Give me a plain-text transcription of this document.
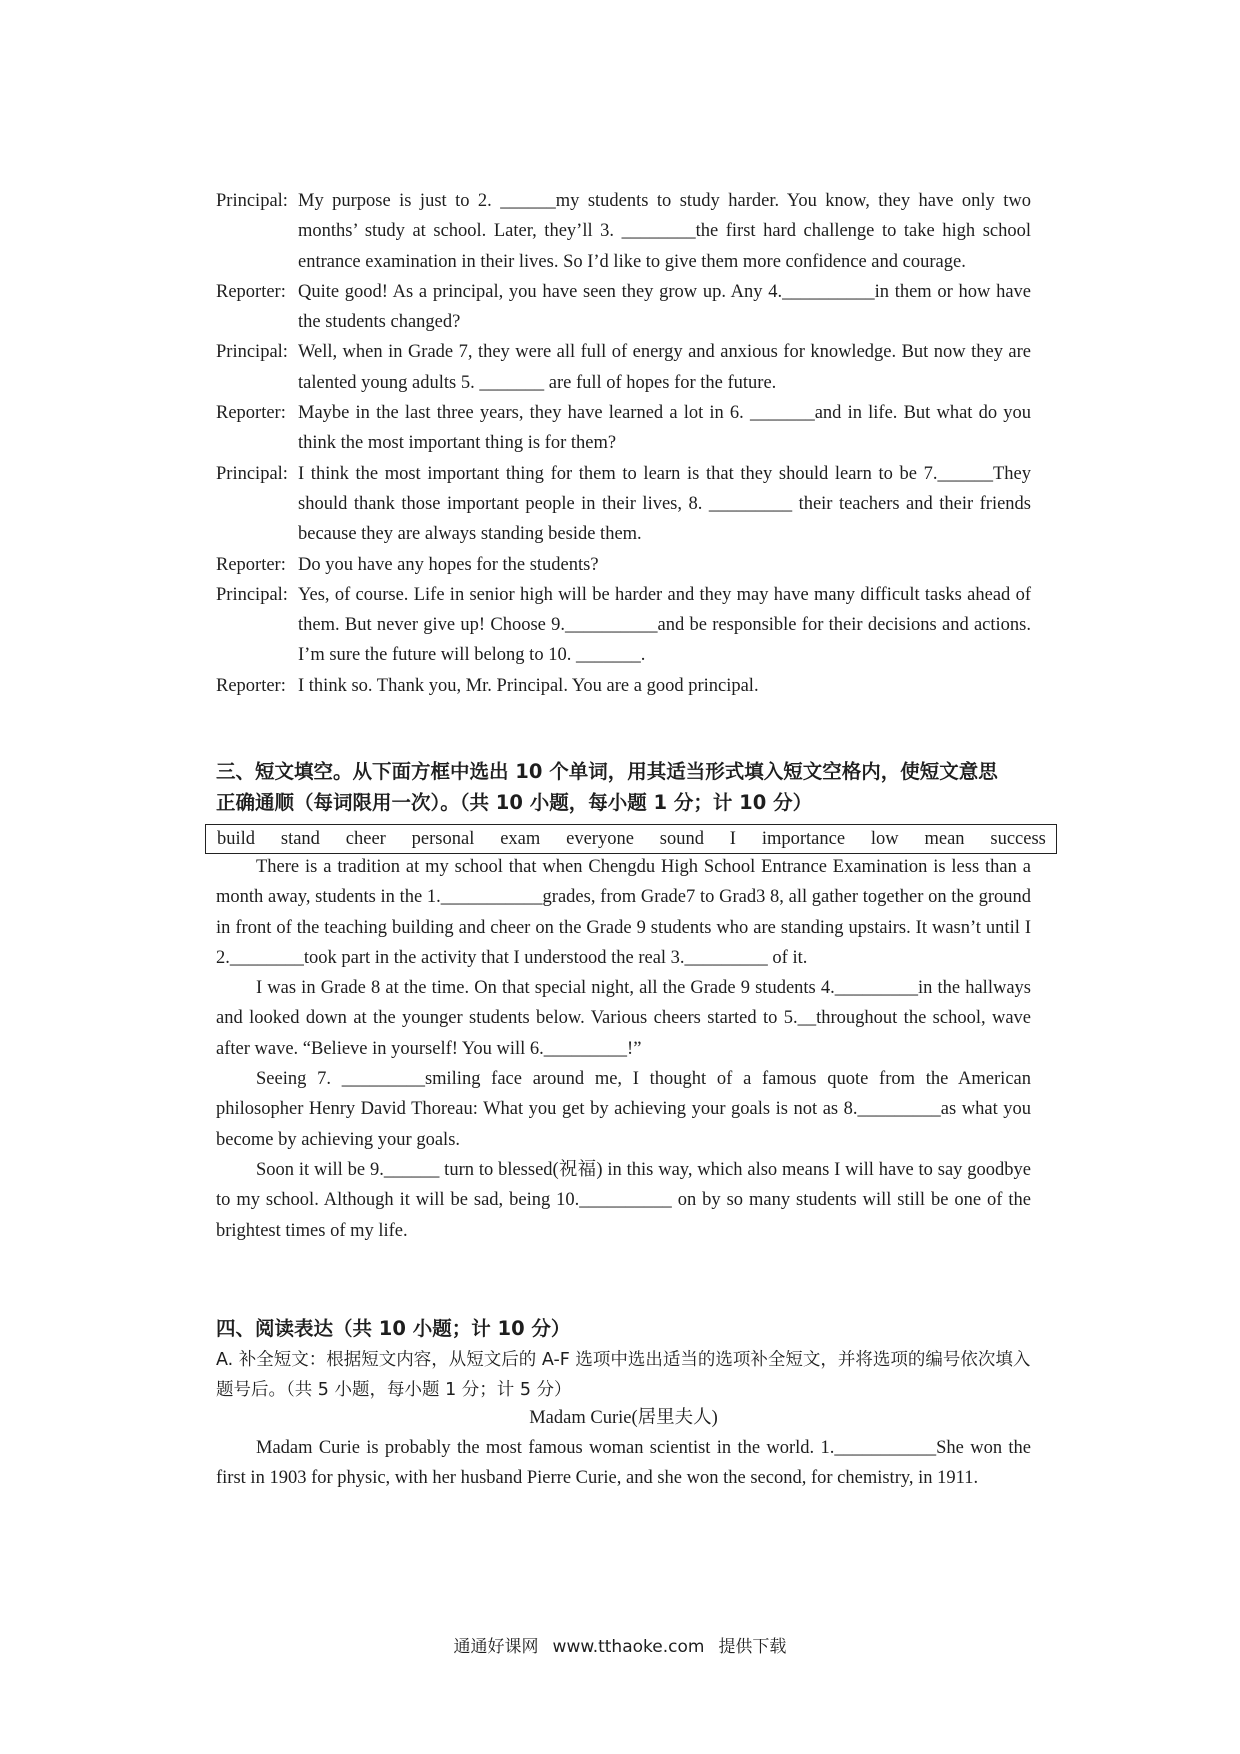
Principal: My purpose is just to 2. ______my students to study harder. You know, they have only two months’ study at school. Later, they’ll 3. ________the first hard challenge to take high school entrance examination in their lives. So I’d like to give them more confidence and courage.
Reporter: Quite good! As a principal, you have seen they grow up. Any 4.__________in them or how have the students changed?
Principal: Well, when in Grade 7, they were all full of energy and anxious for knowledge. But now they are talented young adults 5. _______ are full of hopes for the future.
Reporter: Maybe in the last three years, they have learned a lot in 6. _______and in life. But what do you think the most important thing is for them?
Principal: I think the most important thing for them to learn is that they should learn to be 7.______They should thank those important people in their lives, 8. _________ their teachers and their friends because they are always standing beside them.
Reporter: Do you have any hopes for the students?
Principal: Yes, of course. Life in senior high will be harder and they may have many difficult tasks ahead of them. But never give up! Choose 9.__________and be responsible for their decisions and actions. I’m sure the future will belong to 10. _______.
Reporter: I think so. Thank you, Mr. Principal. You are a good principal.
三、短文填空。从下面方框中选出 10 个单词，用其适当形式填入短文空格内，使短文意思
正确通顺（每词限用一次）。（共 10 小题，每小题 1 分；计 10 分）
build stand cheer personal exam everyone sound I importance low mean success

There is a tradition at my school that when Chengdu High School Entrance Examination is less than a month away, students in the 1.___________grades, from Grade7 to Grad3 8, all gather together on the ground in front of the teaching building and cheer on the Grade 9 students who are standing upstairs. It wasn’t until I 2.________took part in the activity that I understood the real 3._________ of it.

I was in Grade 8 at the time. On that special night, all the Grade 9 students 4._________in the hallways and looked down at the younger students below. Various cheers started to 5.__throughout the school, wave after wave. “Believe in yourself! You will 6._________!”

Seeing 7. _________smiling face around me, I thought of a famous quote from the American philosopher Henry David Thoreau: What you get by achieving your goals is not as 8._________as what you become by achieving your goals.

Soon it will be 9.______ turn to blessed(祝福) in this way, which also means I will have to say goodbye to my school. Although it will be sad, being 10.__________ on by so many students will still be one of the brightest times of my life.

四、阅读表达（共 10 小题；计 10 分）
A. 补全短文：根据短文内容，从短文后的 A-F 选项中选出适当的选项补全短文，并将选项的编号依次填入题号后。（共 5 小题，每小题 1 分；计 5 分）
Madam Curie(居里夫人)

Madam Curie is probably the most famous woman scientist in the world. 1.___________She won the first in 1903 for physic, with her husband Pierre Curie, and she won the second, for chemistry, in 1911.

通通好课网 www.tthaoke.com 提供下载
